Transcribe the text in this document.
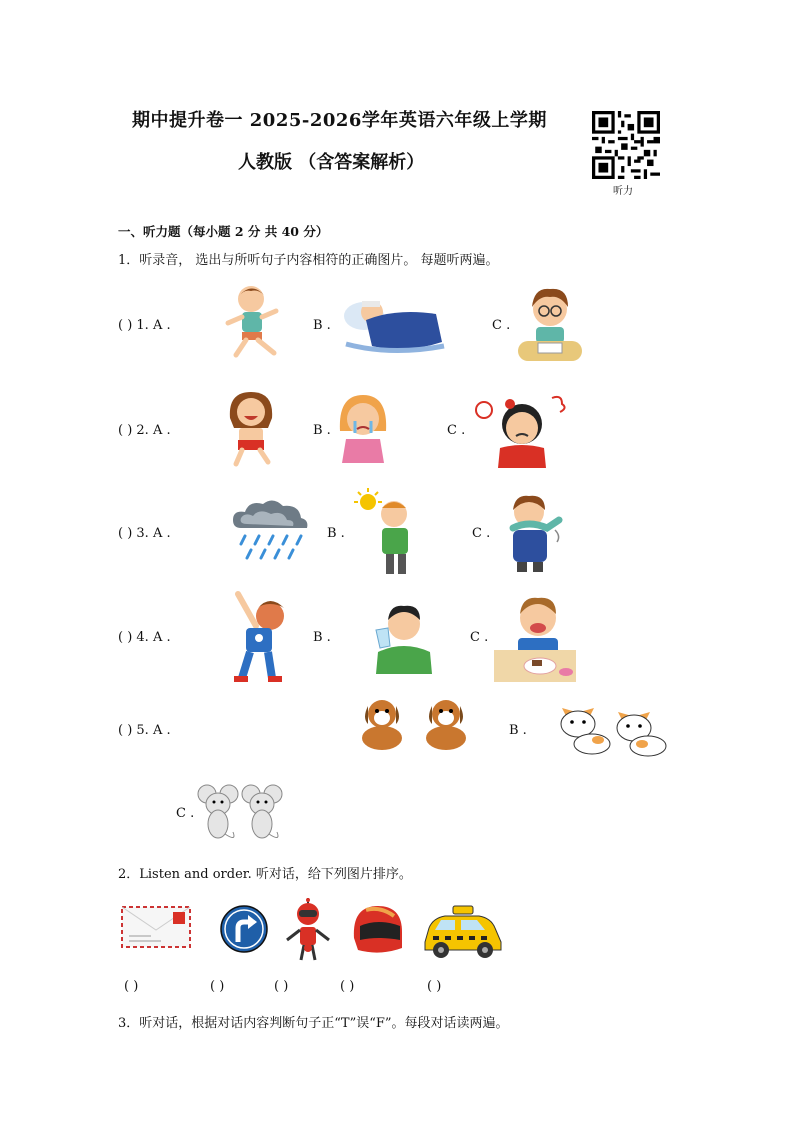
期中提升卷一 2025-2026学年英语六年级上学期
人教版 （含答案解析）
听力
一、听力题（每小题 2 分 共 40 分）
1．听录音， 选出与所听句子内容相符的正确图片。 每题听两遍。
( ) 1. A .	B .	C .
( ) 2. A .	B .	C .
( ) 3. A .	B .	C .
( ) 4. A .	B .	C .
( ) 5. A .	B .
C .
2．Listen and order. 听对话，给下列图片排序。
( )	( )	( )	( )	( )
3．听对话，根据对话内容判断句子正“T”误“F”。每段对话读两遍。
